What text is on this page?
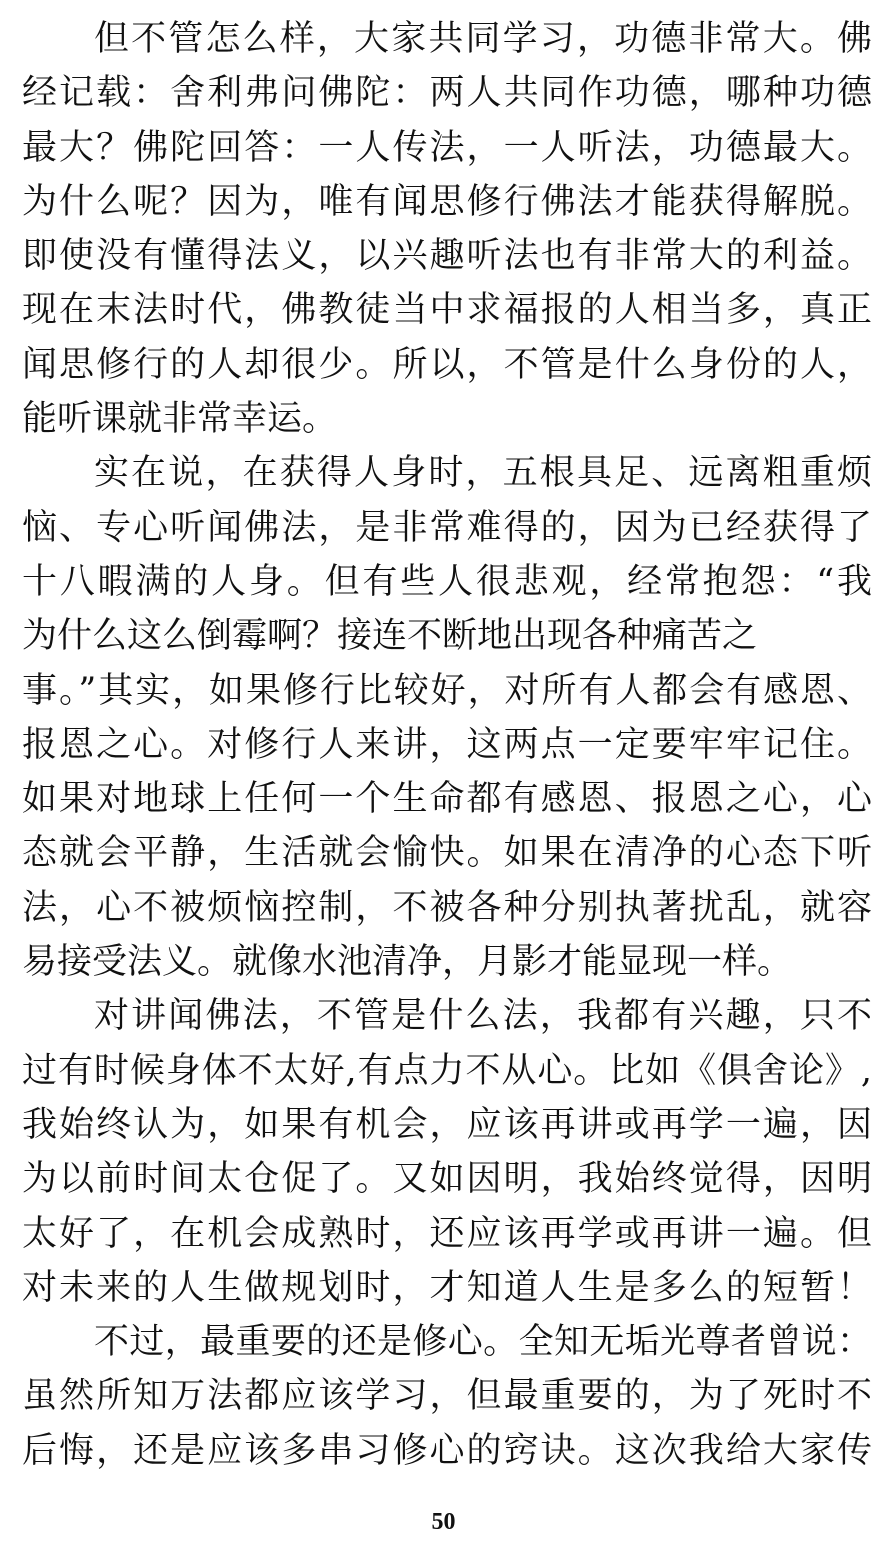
但不管怎么样，大家共同学习，功德非常大。佛
经记载：舍利弗问佛陀：两人共同作功德，哪种功德
最大？佛陀回答：一人传法，一人听法，功德最大。
为什么呢？因为，唯有闻思修行佛法才能获得解脱。
即使没有懂得法义，以兴趣听法也有非常大的利益。
现在末法时代，佛教徒当中求福报的人相当多，真正
闻思修行的人却很少。所以，不管是什么身份的人，
能听课就非常幸运。
实在说，在获得人身时，五根具足、远离粗重烦
恼、专心听闻佛法，是非常难得的，因为已经获得了
十八暇满的人身。但有些人很悲观，经常抱怨：“我
为什么这么倒霉啊？接连不断地出现各种痛苦之
事。”其实，如果修行比较好，对所有人都会有感恩、
报恩之心。对修行人来讲，这两点一定要牢牢记住。
如果对地球上任何一个生命都有感恩、报恩之心，心
态就会平静，生活就会愉快。如果在清净的心态下听
法，心不被烦恼控制，不被各种分别执著扰乱，就容
易接受法义。就像水池清净，月影才能显现一样。
对讲闻佛法，不管是什么法，我都有兴趣，只不
过有时候身体不太好,有点力不从心。比如《俱舍论》,
我始终认为，如果有机会，应该再讲或再学一遍，因
为以前时间太仓促了。又如因明，我始终觉得，因明
太好了，在机会成熟时，还应该再学或再讲一遍。但
对未来的人生做规划时，才知道人生是多么的短暂！
不过，最重要的还是修心。全知无垢光尊者曾说：
虽然所知万法都应该学习，但最重要的，为了死时不
后悔，还是应该多串习修心的窍诀。这次我给大家传
50
